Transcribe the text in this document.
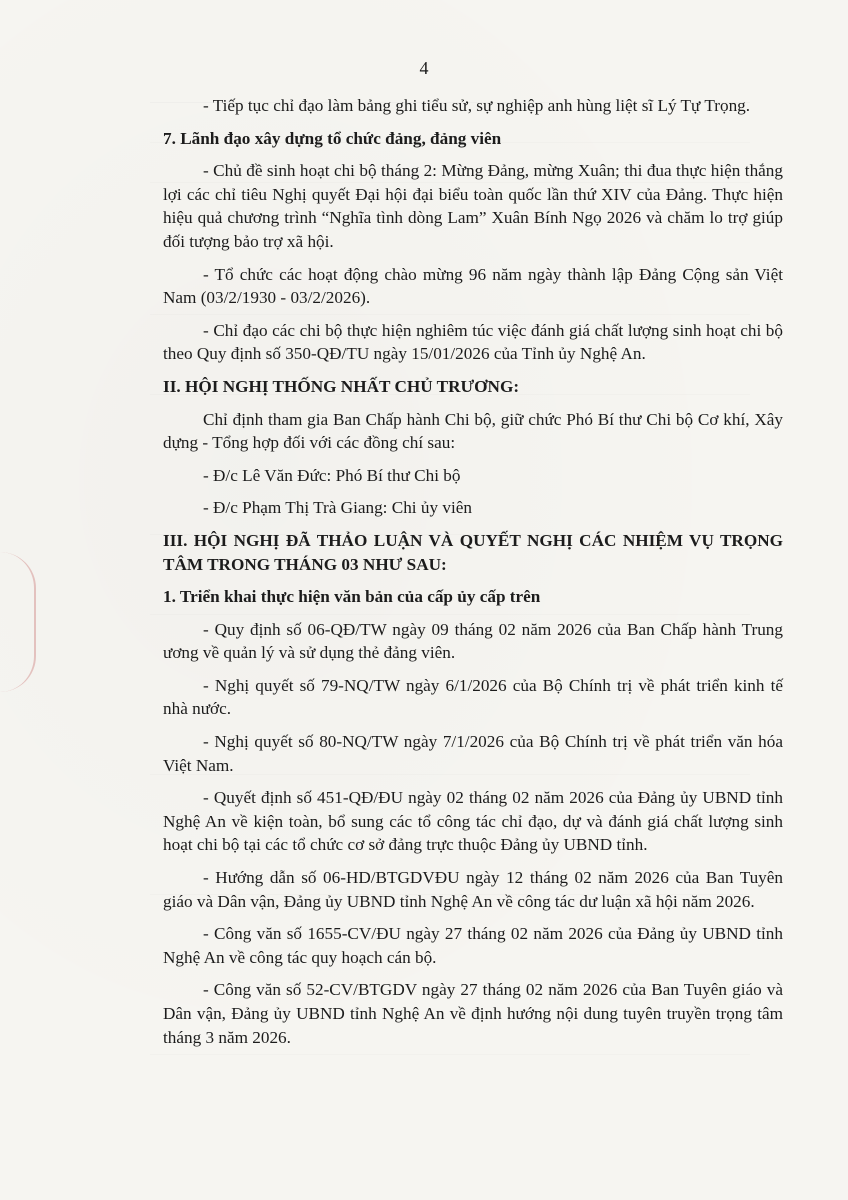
4

- Tiếp tục chỉ đạo làm bảng ghi tiểu sử, sự nghiệp anh hùng liệt sĩ Lý Tự Trọng.

7. Lãnh đạo xây dựng tổ chức đảng, đảng viên

- Chủ đề sinh hoạt chi bộ tháng 2: Mừng Đảng, mừng Xuân; thi đua thực hiện thắng lợi các chỉ tiêu Nghị quyết Đại hội đại biểu toàn quốc lần thứ XIV của Đảng. Thực hiện hiệu quả chương trình “Nghĩa tình dòng Lam” Xuân Bính Ngọ 2026 và chăm lo trợ giúp đối tượng bảo trợ xã hội.

- Tổ chức các hoạt động chào mừng 96 năm ngày thành lập Đảng Cộng sản Việt Nam (03/2/1930 - 03/2/2026).

- Chỉ đạo các chi bộ thực hiện nghiêm túc việc đánh giá chất lượng sinh hoạt chi bộ theo Quy định số 350-QĐ/TU ngày 15/01/2026 của Tỉnh ủy Nghệ An.

II. HỘI NGHỊ THỐNG NHẤT CHỦ TRƯƠNG:

Chỉ định tham gia Ban Chấp hành Chi bộ, giữ chức Phó Bí thư Chi bộ Cơ khí, Xây dựng - Tổng hợp đối với các đồng chí sau:

- Đ/c Lê Văn Đức: Phó Bí thư Chi bộ

- Đ/c Phạm Thị Trà Giang: Chi ủy viên

III. HỘI NGHỊ ĐÃ THẢO LUẬN VÀ QUYẾT NGHỊ CÁC NHIỆM VỤ TRỌNG TÂM TRONG THÁNG 03 NHƯ SAU:

1. Triển khai thực hiện văn bản của cấp ủy cấp trên

- Quy định số 06-QĐ/TW ngày 09 tháng 02 năm 2026 của Ban Chấp hành Trung ương về quản lý và sử dụng thẻ đảng viên.

- Nghị quyết số 79-NQ/TW ngày 6/1/2026 của Bộ Chính trị về phát triển kinh tế nhà nước.

- Nghị quyết số 80-NQ/TW ngày 7/1/2026 của Bộ Chính trị về phát triển văn hóa Việt Nam.

- Quyết định số 451-QĐ/ĐU ngày 02 tháng 02 năm 2026 của Đảng ủy UBND tỉnh Nghệ An về kiện toàn, bổ sung các tổ công tác chỉ đạo, dự và đánh giá chất lượng sinh hoạt chi bộ tại các tổ chức cơ sở đảng trực thuộc Đảng ủy UBND tỉnh.

- Hướng dẫn số 06-HD/BTGDVĐU ngày 12 tháng 02 năm 2026 của Ban Tuyên giáo và Dân vận, Đảng ủy UBND tỉnh Nghệ An về công tác dư luận xã hội năm 2026.

- Công văn số 1655-CV/ĐU ngày 27 tháng 02 năm 2026 của Đảng ủy UBND tỉnh Nghệ An về công tác quy hoạch cán bộ.

- Công văn số 52-CV/BTGDV ngày 27 tháng 02 năm 2026 của Ban Tuyên giáo và Dân vận, Đảng ủy UBND tỉnh Nghệ An về định hướng nội dung tuyên truyền trọng tâm tháng 3 năm 2026.
